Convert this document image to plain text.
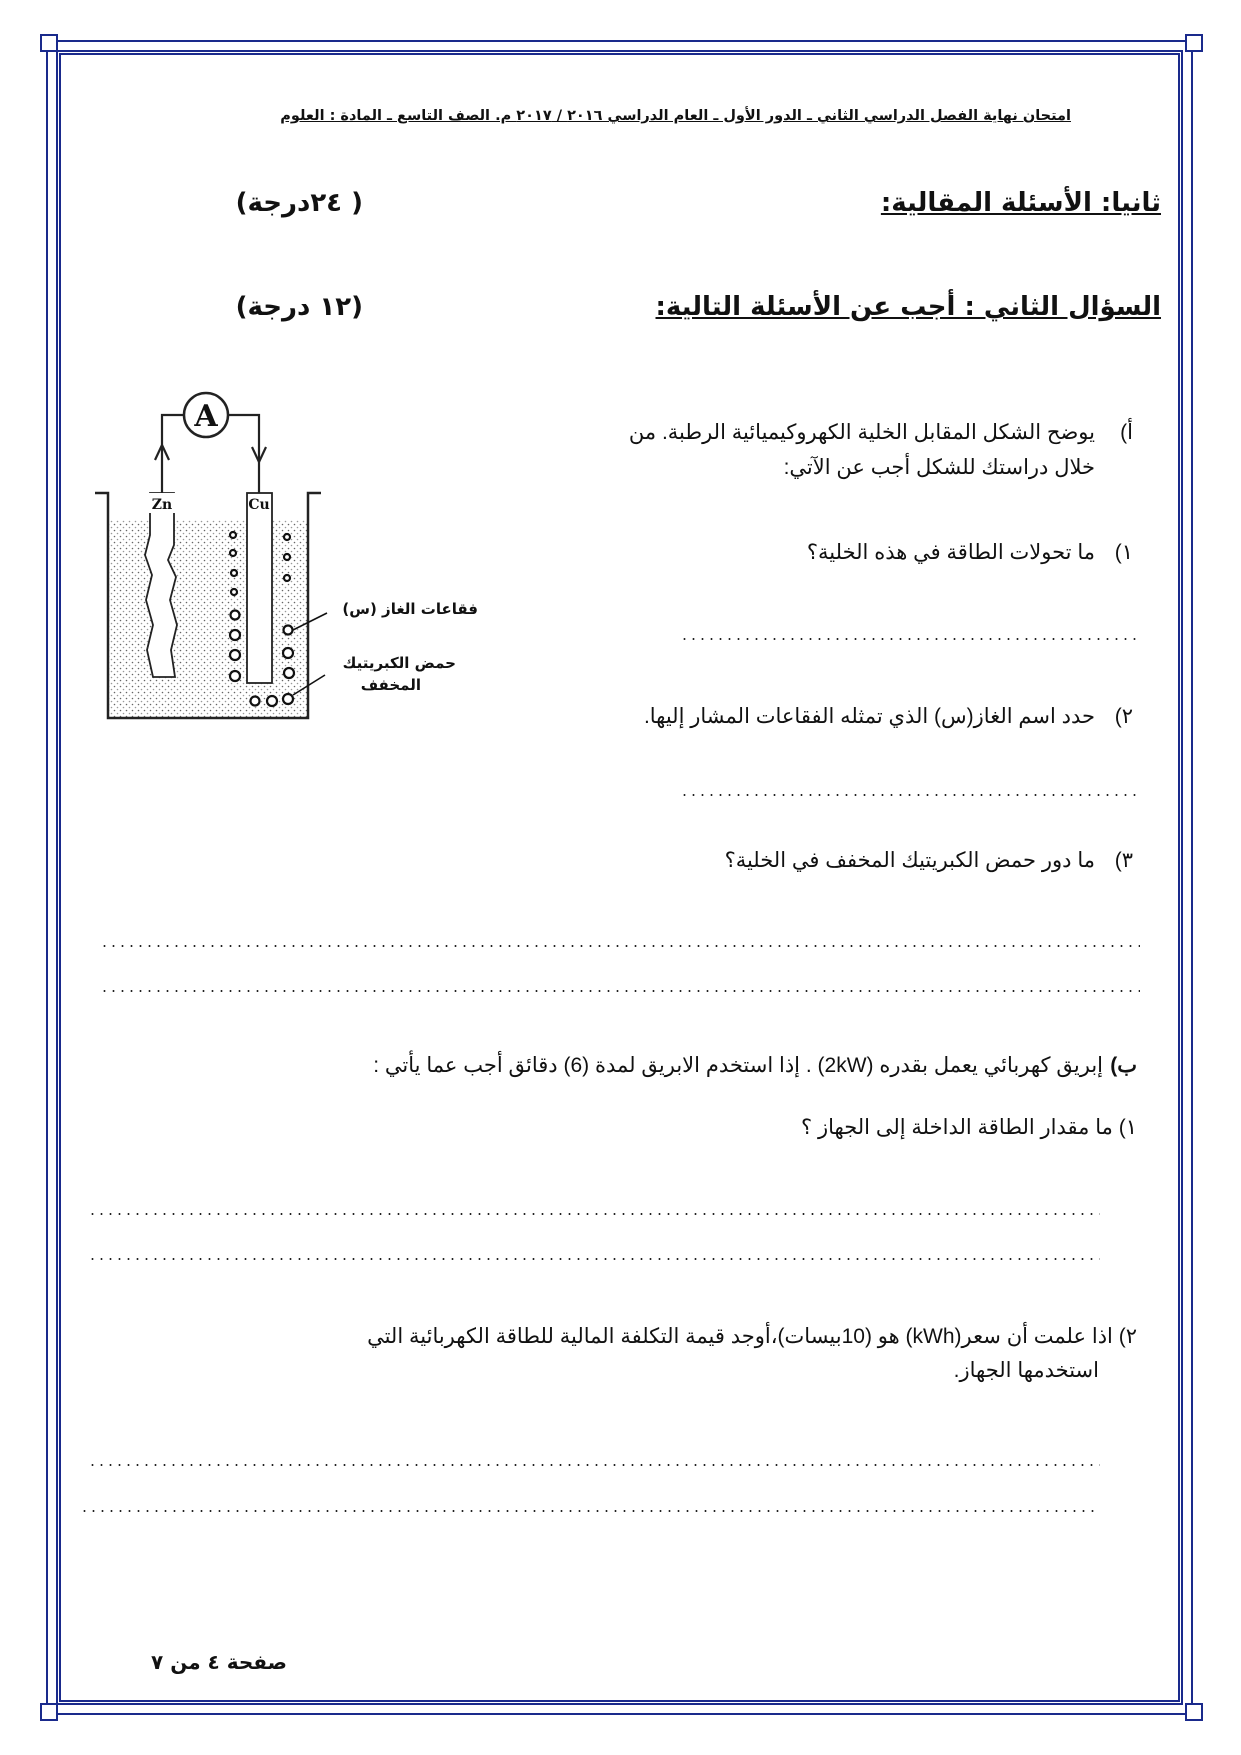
امتحان نهاية الفصل الدراسي الثاني ـ الدور الأول ـ العام الدراسي ٢٠١٦ / ٢٠١٧ م. الصف التاسع ـ المادة : العلوم
ثانيا: الأسئلة المقالية:
( ٢٤درجة)
السؤال الثاني : أجب عن الأسئلة التالية:
(١٢ درجة)
أ)
يوضح الشكل المقابل الخلية الكهروكيميائية الرطبة. من
خلال دراستك للشكل أجب عن الآتي:
١)
ما تحولات الطاقة في هذه الخلية؟
٢)
حدد اسم الغاز(س) الذي تمثله الفقاعات المشار إليها.
٣)
ما دور حمض الكبريتيك المخفف في الخلية؟
A
Zn	Cu
فقاعات الغاز (س)
حمض الكبريتيك
المخفف
ب)
إبريق كهربائي يعمل بقدره (2kW) . إذا استخدم الابريق لمدة (6) دقائق أجب عما يأتي :
١) ما مقدار الطاقة الداخلة إلى الجهاز ؟
٢) اذا علمت أن سعر(kWh) هو (10بيسات)،أوجد قيمة التكلفة المالية للطاقة الكهربائية التي
استخدمها الجهاز.
صفحة ٤ من ٧
